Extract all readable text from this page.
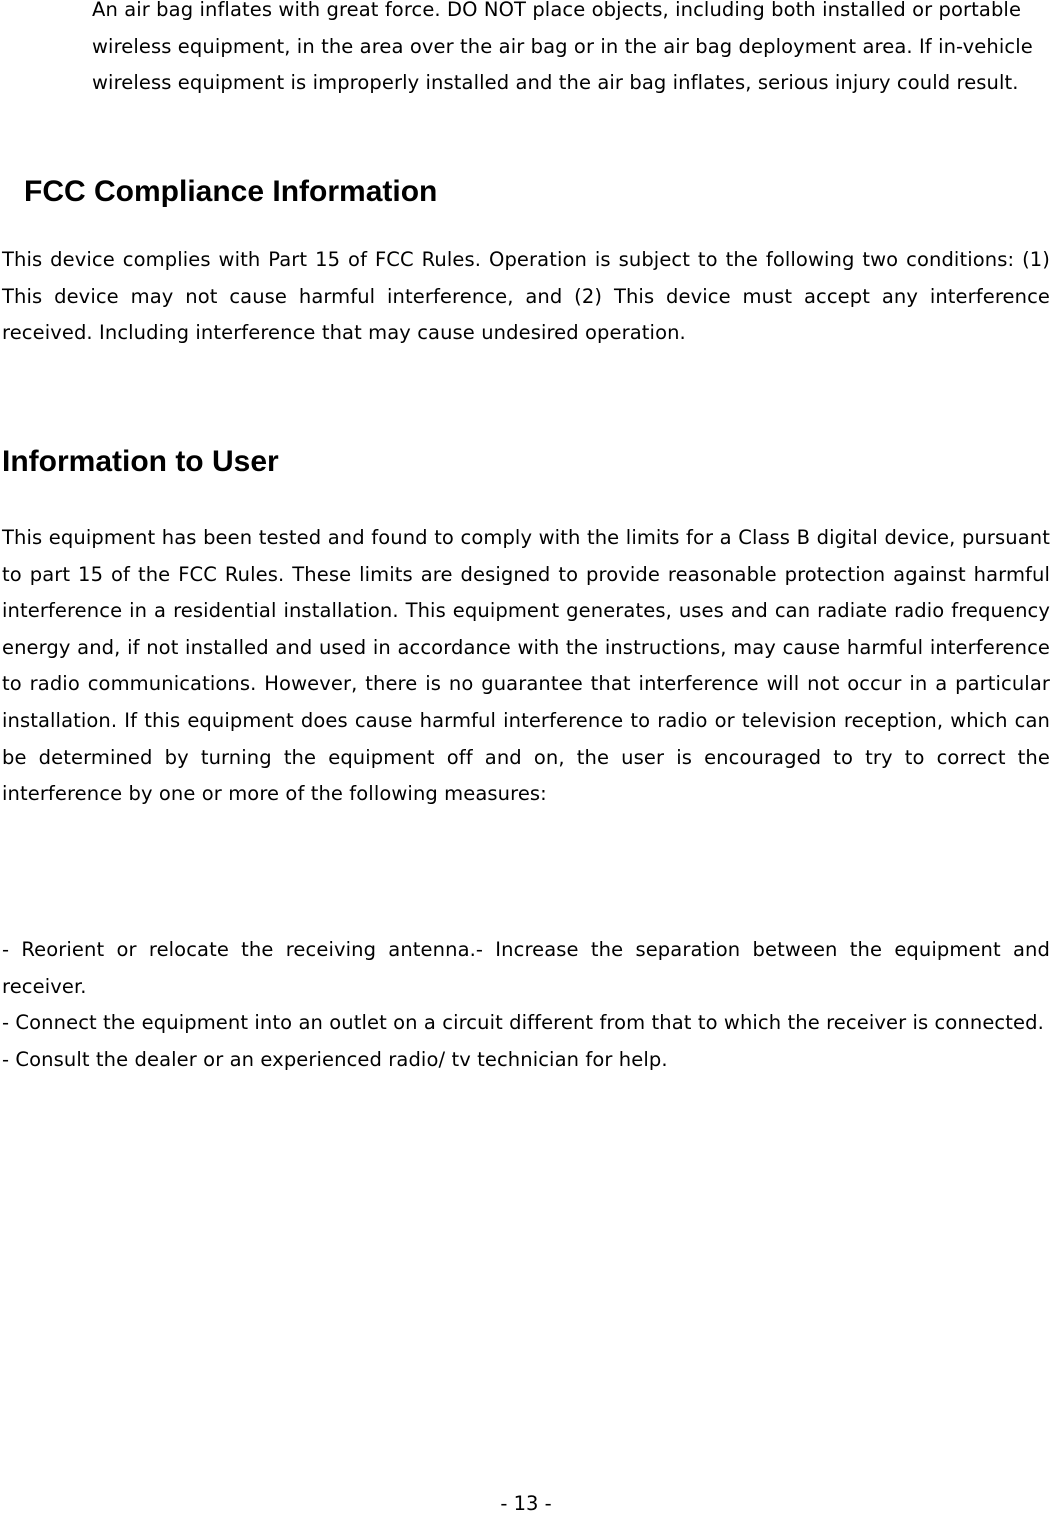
An air bag inflates with great force. DO NOT place objects, including both installed or portable wireless equipment, in the area over the air bag or in the air bag deployment area. If in-vehicle wireless equipment is improperly installed and the air bag inflates, serious injury could result.

FCC Compliance Information

This device complies with Part 15 of FCC Rules. Operation is subject to the following two conditions: (1) This device may not cause harmful interference, and (2) This device must accept any interference received. Including interference that may cause undesired operation.

Information to User

This equipment has been tested and found to comply with the limits for a Class B digital device, pursuant to part 15 of the FCC Rules. These limits are designed to provide reasonable protection against harmful interference in a residential installation. This equipment generates, uses and can radiate radio frequency energy and, if not installed and used in accordance with the instructions, may cause harmful interference to radio communications. However, there is no guarantee that interference will not occur in a particular installation. If this equipment does cause harmful interference to radio or television reception, which can be determined by turning the equipment off and on, the user is encouraged to try to correct the interference by one or more of the following measures:

- Reorient or relocate the receiving antenna.- Increase the separation between the equipment and receiver.

- Connect the equipment into an outlet on a circuit different from that to which the receiver is connected.

- Consult the dealer or an experienced radio/ tv technician for help.

- 13 -
